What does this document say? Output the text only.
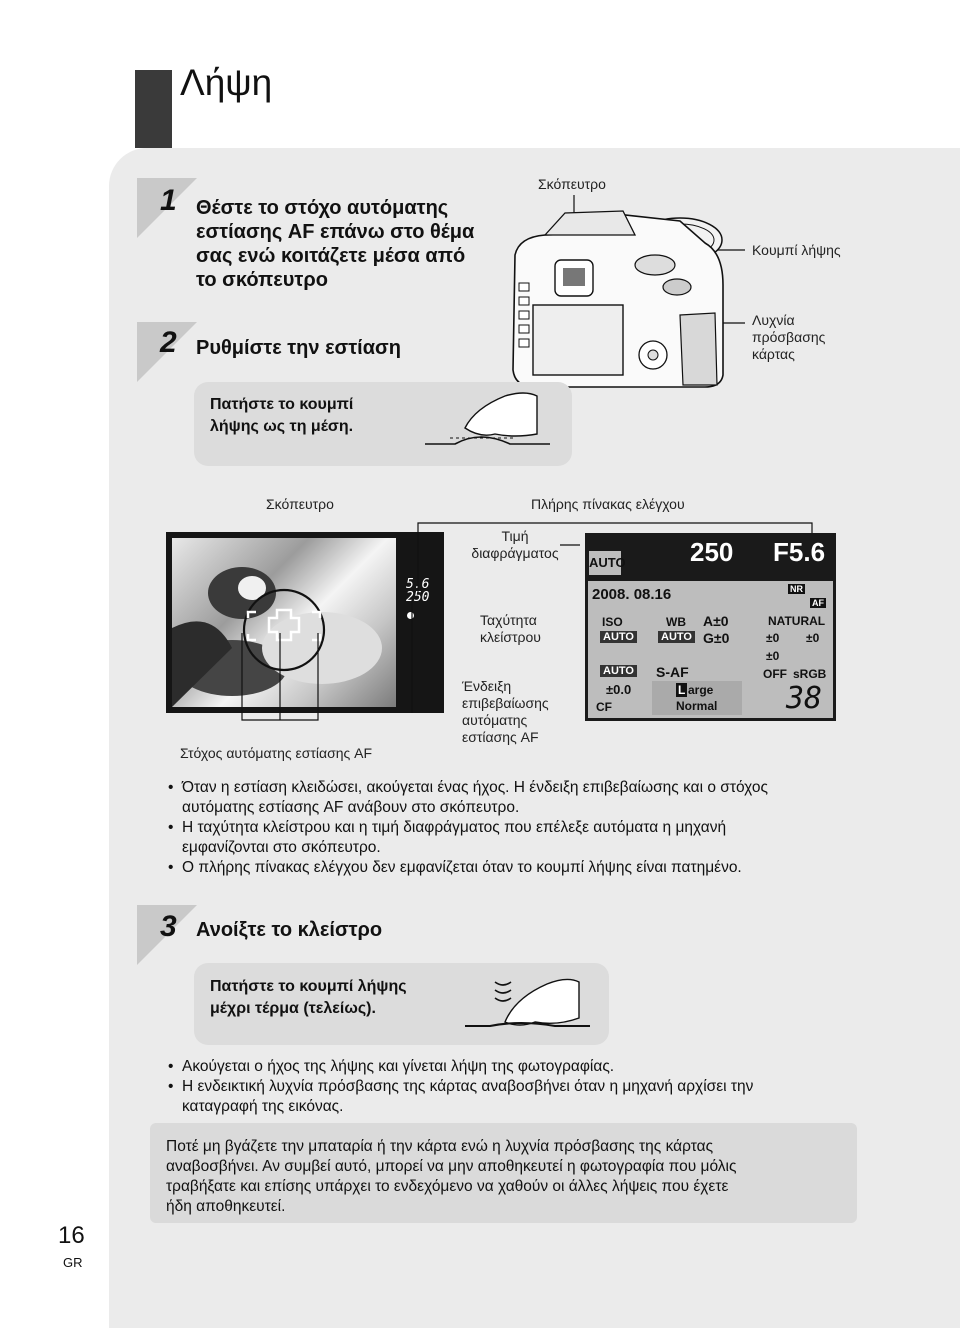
Λήψη
1 Θέστε το στόχο αυτόματης
εστίασης AF επάνω στο θέμα
σας ενώ κοιτάζετε μέσα από
το σκόπευτρο
Σκόπευτρο
Κουμπί λήψης
Λυχνία
πρόσβασης
κάρτας
2 Ρυθμίστε την εστίαση
Πατήστε το κουμπί
λήψης ως τη μέση.
Σκόπευτρο	Πλήρης πίνακας ελέγχου
5.6
250
Τιμή
διαφράγματος
Ταχύτητα
κλείστρου
Ένδειξη
επιβεβαίωσης
αυτόματης
εστίασης AF
Στόχος αυτόματης εστίασης AF
AUTO 250 F5.6
2008. 08.16	NR
AF
ISO
AUTO
WB
AUTO
A±0
G±0
NATURAL
±0 ±0
±0
AUTO S-AF	OFF sRGB
±0.0
CF
L arge
Normal 38
• Όταν η εστίαση κλειδώσει, ακούγεται ένας ήχος. Η ένδειξη επιβεβαίωσης και ο στόχος
αυτόματης εστίασης AF ανάβουν στο σκόπευτρο.
• Η ταχύτητα κλείστρου και η τιμή διαφράγματος που επέλεξε αυτόματα η μηχανή
εμφανίζονται στο σκόπευτρο.
• Ο πλήρης πίνακας ελέγχου δεν εμφανίζεται όταν το κουμπί λήψης είναι πατημένο.
3 Ανοίξτε το κλείστρο
Πατήστε το κουμπί λήψης
μέχρι τέρμα (τελείως).
• Ακούγεται ο ήχος της λήψης και γίνεται λήψη της φωτογραφίας.
• Η ενδεικτική λυχνία πρόσβασης της κάρτας αναβοσβήνει όταν η μηχανή αρχίσει την
καταγραφή της εικόνας.

Ποτέ μη βγάζετε την μπαταρία ή την κάρτα ενώ η λυχνία πρόσβασης της κάρτας
αναβοσβήνει. Αν συμβεί αυτό, μπορεί να μην αποθηκευτεί η φωτογραφία που μόλις
τραβήξατε και επίσης υπάρχει το ενδεχόμενο να χαθούν οι άλλες λήψεις που έχετε
ήδη αποθηκευτεί.

16
GR
